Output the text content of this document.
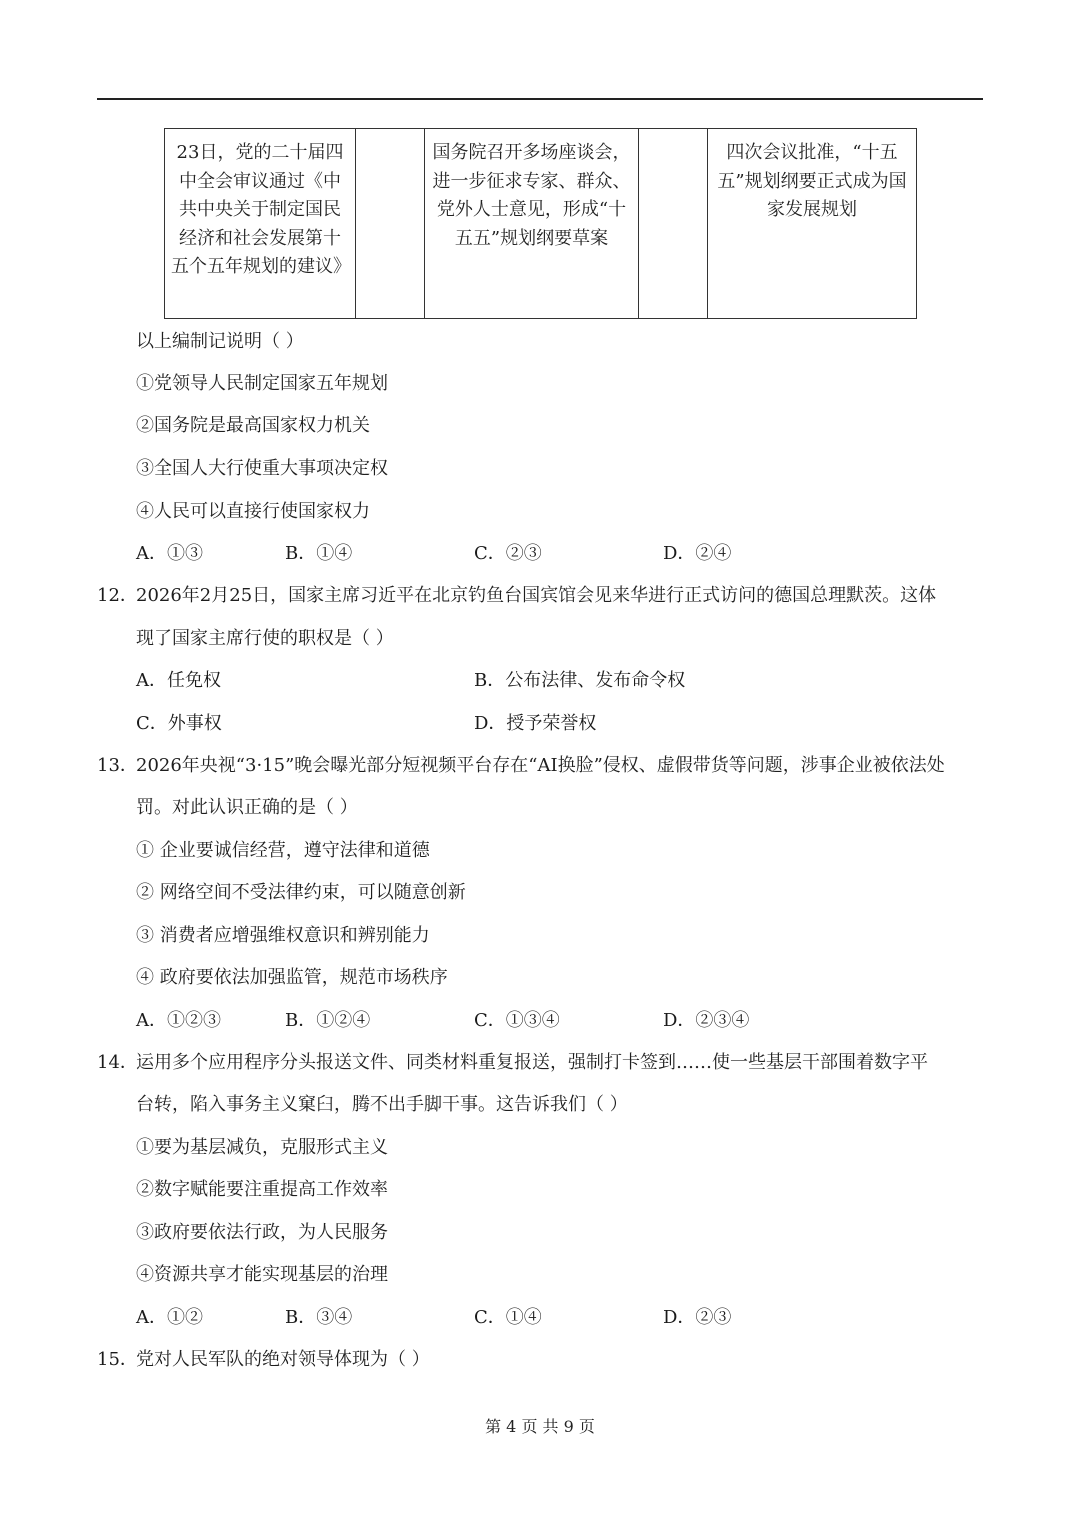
23日，党的二十届四中全会审议通过《中共中央关于制定国民经济和社会发展第十五个五年规划的建议》		国务院召开多场座谈会，进一步征求专家、群众、党外人士意见，形成“十五五”规划纲要草案		四次会议批准，“十五五”规划纲要正式成为国家发展规划
以上编制记说明（ ）
①党领导人民制定国家五年规划
②国务院是最高国家权力机关
③全国人大行使重大事项决定权
④人民可以直接行使国家权力
A．①③	B．①④	C．②③	D．②④
12．
2026年2月25日，国家主席习近平在北京钓鱼台国宾馆会见来华进行正式访问的德国总理默茨。这体
现了国家主席行使的职权是（ ）
A．任免权	B．公布法律、发布命令权
C．外事权	D．授予荣誉权
13．
2026年央视“3·15”晚会曝光部分短视频平台存在“AI换脸”侵权、虚假带货等问题，涉事企业被依法处
罚。对此认识正确的是（ ）
① 企业要诚信经营，遵守法律和道德
② 网络空间不受法律约束，可以随意创新
③ 消费者应增强维权意识和辨别能力
④ 政府要依法加强监管，规范市场秩序
A．①②③	B．①②④	C．①③④	D．②③④
14．
运用多个应用程序分头报送文件、同类材料重复报送，强制打卡签到……使一些基层干部围着数字平
台转，陷入事务主义窠臼，腾不出手脚干事。这告诉我们（ ）
①要为基层减负，克服形式主义
②数字赋能要注重提高工作效率
③政府要依法行政，为人民服务
④资源共享才能实现基层的治理
A．①②	B．③④	C．①④	D．②③
15．
党对人民军队的绝对领导体现为（ ）
第 4 页 共 9 页
